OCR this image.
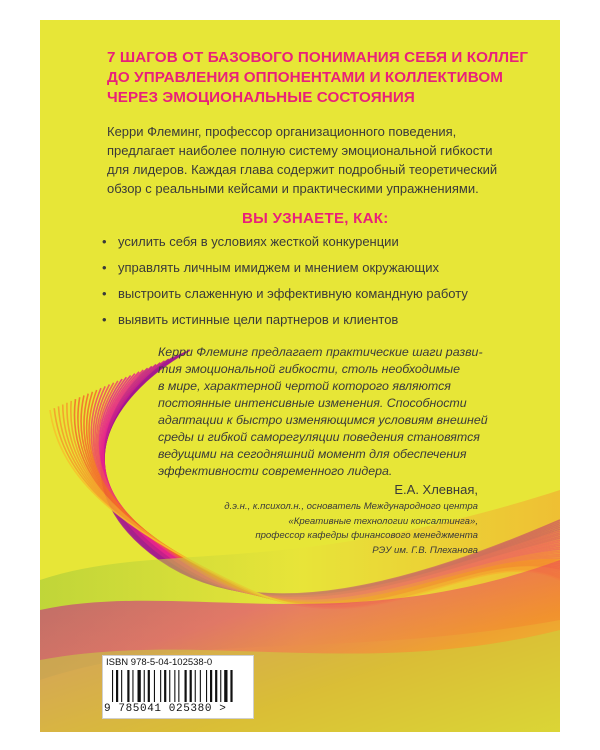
7 ШАГОВ ОТ БАЗОВОГО ПОНИМАНИЯ СЕБЯ И КОЛЛЕГ
ДО УПРАВЛЕНИЯ ОППОНЕНТАМИ И КОЛЛЕКТИВОМ
ЧЕРЕЗ ЭМОЦИОНАЛЬНЫЕ СОСТОЯНИЯ
Керри Флеминг, профессор организационного поведения,
предлагает наиболее полную систему эмоциональной гибкости
для лидеров. Каждая глава содержит подробный теоретический
обзор с реальными кейсами и практическими упражнениями.
ВЫ УЗНАЕТЕ, КАК:
• усилить себя в условиях жесткой конкуренции
• управлять личным имиджем и мнением окружающих
• выстроить слаженную и эффективную командную работу
• выявить истинные цели партнеров и клиентов
Керри Флеминг предлагает практические шаги разви-
тия эмоциональной гибкости, столь необходимые
в мире, характерной чертой которого являются
постоянные интенсивные изменения. Способности
адаптации к быстро изменяющимся условиям внешней
среды и гибкой саморегуляции поведения становятся
ведущими на сегодняшний момент для обеспечения
эффективности современного лидера.
Е.А. Хлевная,
д.э.н., к.психол.н., основатель Международного центра
«Креативные технологии консалтинга»,
профессор кафедры финансового менеджмента
РЭУ им. Г.В. Плеханова
ISBN 978-5-04-102538-0
9 785041 025380 >
